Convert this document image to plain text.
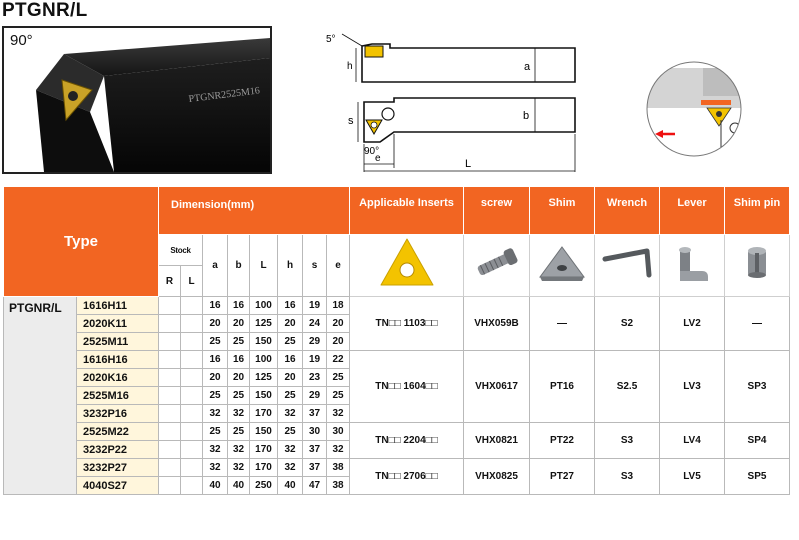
PTGNR/L
90°
PTGNR2525M16
h	a
5°
s	b
90°
e	L
Type		Dimension(mm)								Applicable Inserts	screw	Shim	Wrench	Lever	Shim pin
		Stock		a	b	L	h	s	e						
		R	L												
PTGNR/L	1616H11			16	16	100	16	19	18	TN□□ 1103□□	VHX059B	—	S2	LV2	—
	2020K11			20	20	125	20	24	20						
	2525M11			25	25	150	25	29	20						
	1616H16			16	16	100	16	19	22	TN□□ 1604□□	VHX0617	PT16	S2.5	LV3	SP3
	2020K16			20	20	125	20	23	25						
	2525M16			25	25	150	25	29	25						
	3232P16			32	32	170	32	37	32						
	2525M22			25	25	150	25	30	30	TN□□ 2204□□	VHX0821	PT22	S3	LV4	SP4
	3232P22			32	32	170	32	37	32						
	3232P27			32	32	170	32	37	38	TN□□ 2706□□	VHX0825	PT27	S3	LV5	SP5
	4040S27			40	40	250	40	47	38						
